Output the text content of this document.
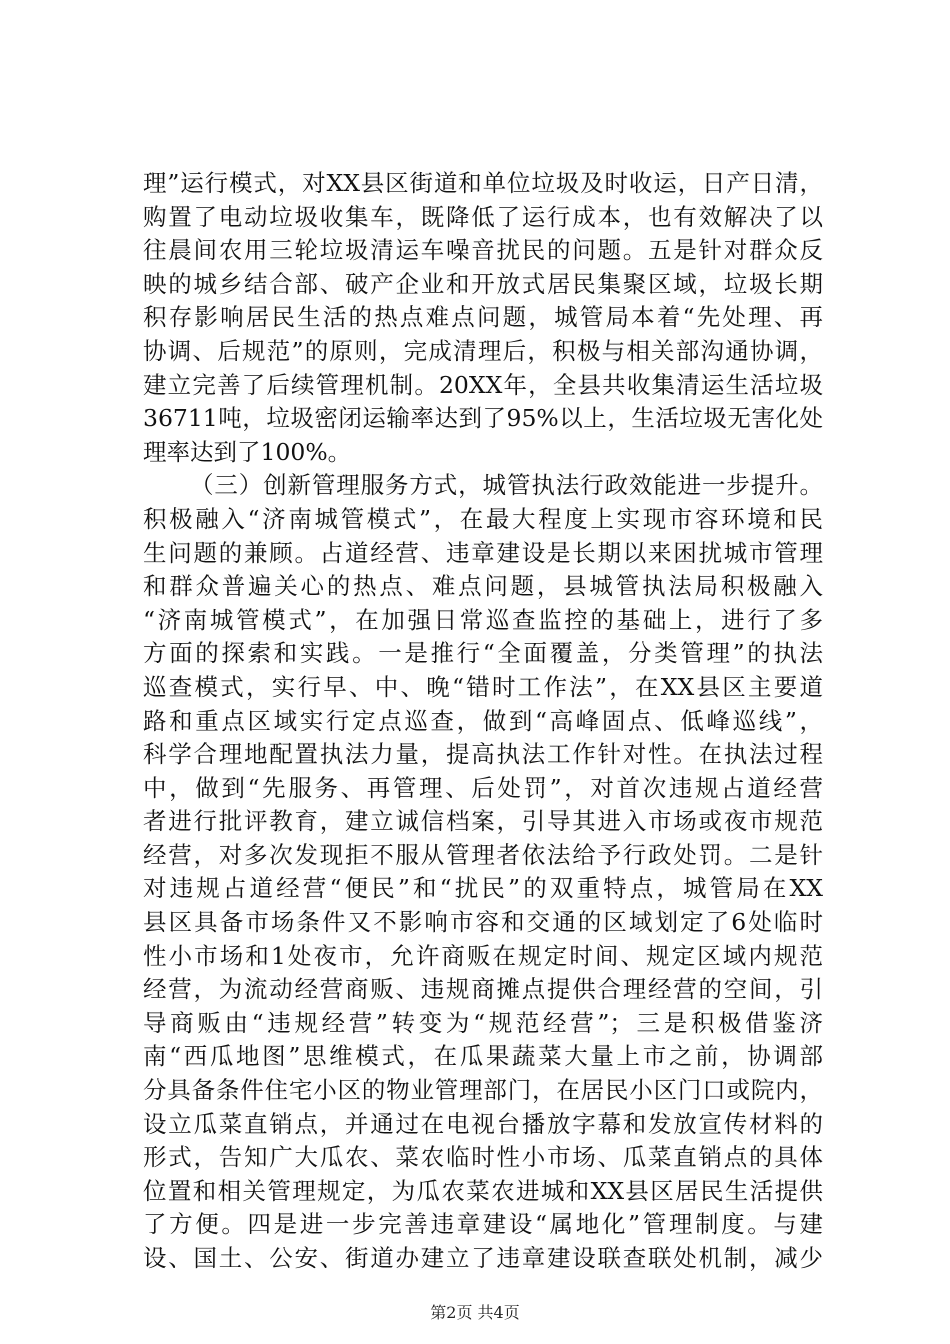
理”运行模式，对XX县区街道和单位垃圾及时收运，日产日清，
购置了电动垃圾收集车，既降低了运行成本，也有效解决了以
往晨间农用三轮垃圾清运车噪音扰民的问题。五是针对群众反
映的城乡结合部、破产企业和开放式居民集聚区域，垃圾长期
积存影响居民生活的热点难点问题，城管局本着“先处理、再
协调、后规范”的原则，完成清理后，积极与相关部沟通协调，
建立完善了后续管理机制。20XX年，全县共收集清运生活垃圾
36711吨，垃圾密闭运输率达到了95%以上，生活垃圾无害化处
理率达到了100%。
（三）创新管理服务方式，城管执法行政效能进一步提升。
积极融入“济南城管模式”，在最大程度上实现市容环境和民
生问题的兼顾。占道经营、违章建设是长期以来困扰城市管理
和群众普遍关心的热点、难点问题，县城管执法局积极融入
“济南城管模式”，在加强日常巡查监控的基础上，进行了多
方面的探索和实践。一是推行“全面覆盖，分类管理”的执法
巡查模式，实行早、中、晚“错时工作法”，在XX县区主要道
路和重点区域实行定点巡查，做到“高峰固点、低峰巡线”，
科学合理地配置执法力量，提高执法工作针对性。在执法过程
中，做到“先服务、再管理、后处罚”，对首次违规占道经营
者进行批评教育，建立诚信档案，引导其进入市场或夜市规范
经营，对多次发现拒不服从管理者依法给予行政处罚。二是针
对违规占道经营“便民”和“扰民”的双重特点，城管局在XX
县区具备市场条件又不影响市容和交通的区域划定了6处临时
性小市场和1处夜市，允许商贩在规定时间、规定区域内规范
经营，为流动经营商贩、违规商摊点提供合理经营的空间，引
导商贩由“违规经营”转变为“规范经营”；三是积极借鉴济
南“西瓜地图”思维模式，在瓜果蔬菜大量上市之前，协调部
分具备条件住宅小区的物业管理部门，在居民小区门口或院内，
设立瓜菜直销点，并通过在电视台播放字幕和发放宣传材料的
形式，告知广大瓜农、菜农临时性小市场、瓜菜直销点的具体
位置和相关管理规定，为瓜农菜农进城和XX县区居民生活提供
了方便。四是进一步完善违章建设“属地化”管理制度。与建
设、国土、公安、街道办建立了违章建设联查联处机制，减少
第2页 共4页
